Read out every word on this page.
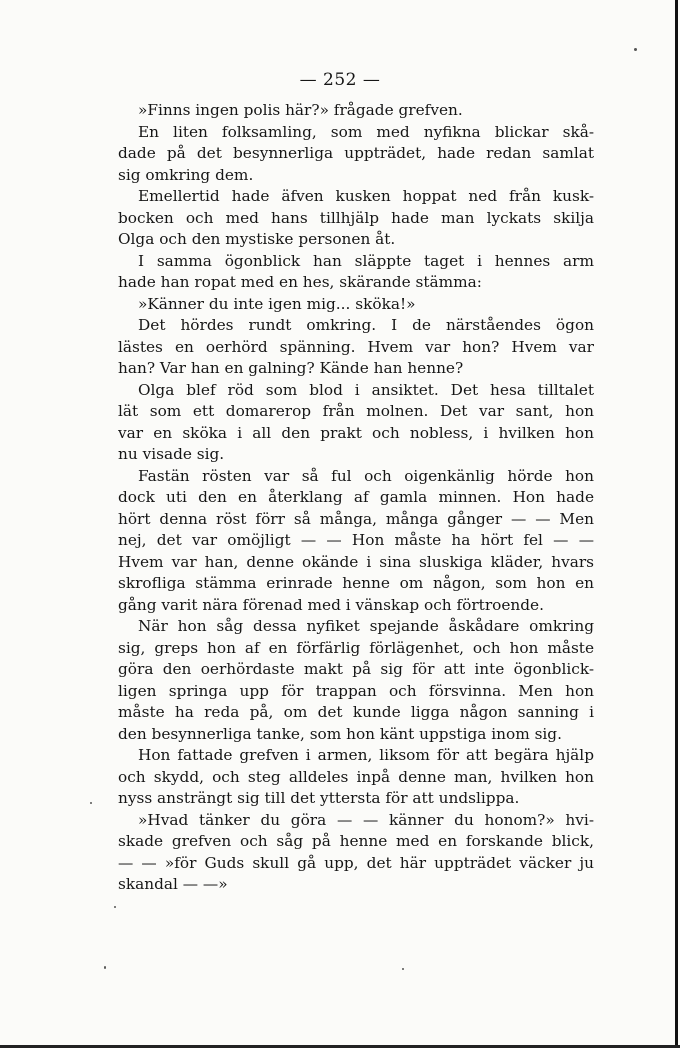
— 252 —
»Finns ingen polis här?» frågade grefven.
En liten folksamling, som med nyfikna blickar skå-
dade på det besynnerliga uppträdet, hade redan samlat
sig omkring dem.
Emellertid hade äfven kusken hoppat ned från kusk-
bocken och med hans tillhjälp hade man lyckats skilja
Olga och den mystiske personen åt.
I samma ögonblick han släppte taget i hennes arm
hade han ropat med en hes, skärande stämma:
»Känner du inte igen mig... sköka!»
Det hördes rundt omkring. I de närståendes ögon
lästes en oerhörd spänning. Hvem var hon? Hvem var
han? Var han en galning? Kände han henne?
Olga blef röd som blod i ansiktet. Det hesa tilltalet
lät som ett domarerop från molnen. Det var sant, hon
var en sköka i all den prakt och nobless, i hvilken hon
nu visade sig.
Fastän rösten var så ful och oigenkänlig hörde hon
dock uti den en återklang af gamla minnen. Hon hade
hört denna röst förr så många, många gånger — — Men
nej, det var omöjligt — — Hon måste ha hört fel — —
Hvem var han, denne okände i sina sluskiga kläder, hvars
skrofliga stämma erinrade henne om någon, som hon en
gång varit nära förenad med i vänskap och förtroende.
När hon såg dessa nyfiket spejande åskådare omkring
sig, greps hon af en förfärlig förlägenhet, och hon måste
göra den oerhördaste makt på sig för att inte ögonblick-
ligen springa upp för trappan och försvinna. Men hon
måste ha reda på, om det kunde ligga någon sanning i
den besynnerliga tanke, som hon känt uppstiga inom sig.
Hon fattade grefven i armen, liksom för att begära hjälp
och skydd, och steg alldeles inpå denne man, hvilken hon
nyss ansträngt sig till det yttersta för att undslippa.
»Hvad tänker du göra — — känner du honom?» hvi-
skade grefven och såg på henne med en forskande blick,
— — »för Guds skull gå upp, det här uppträdet väcker ju
skandal — —»
